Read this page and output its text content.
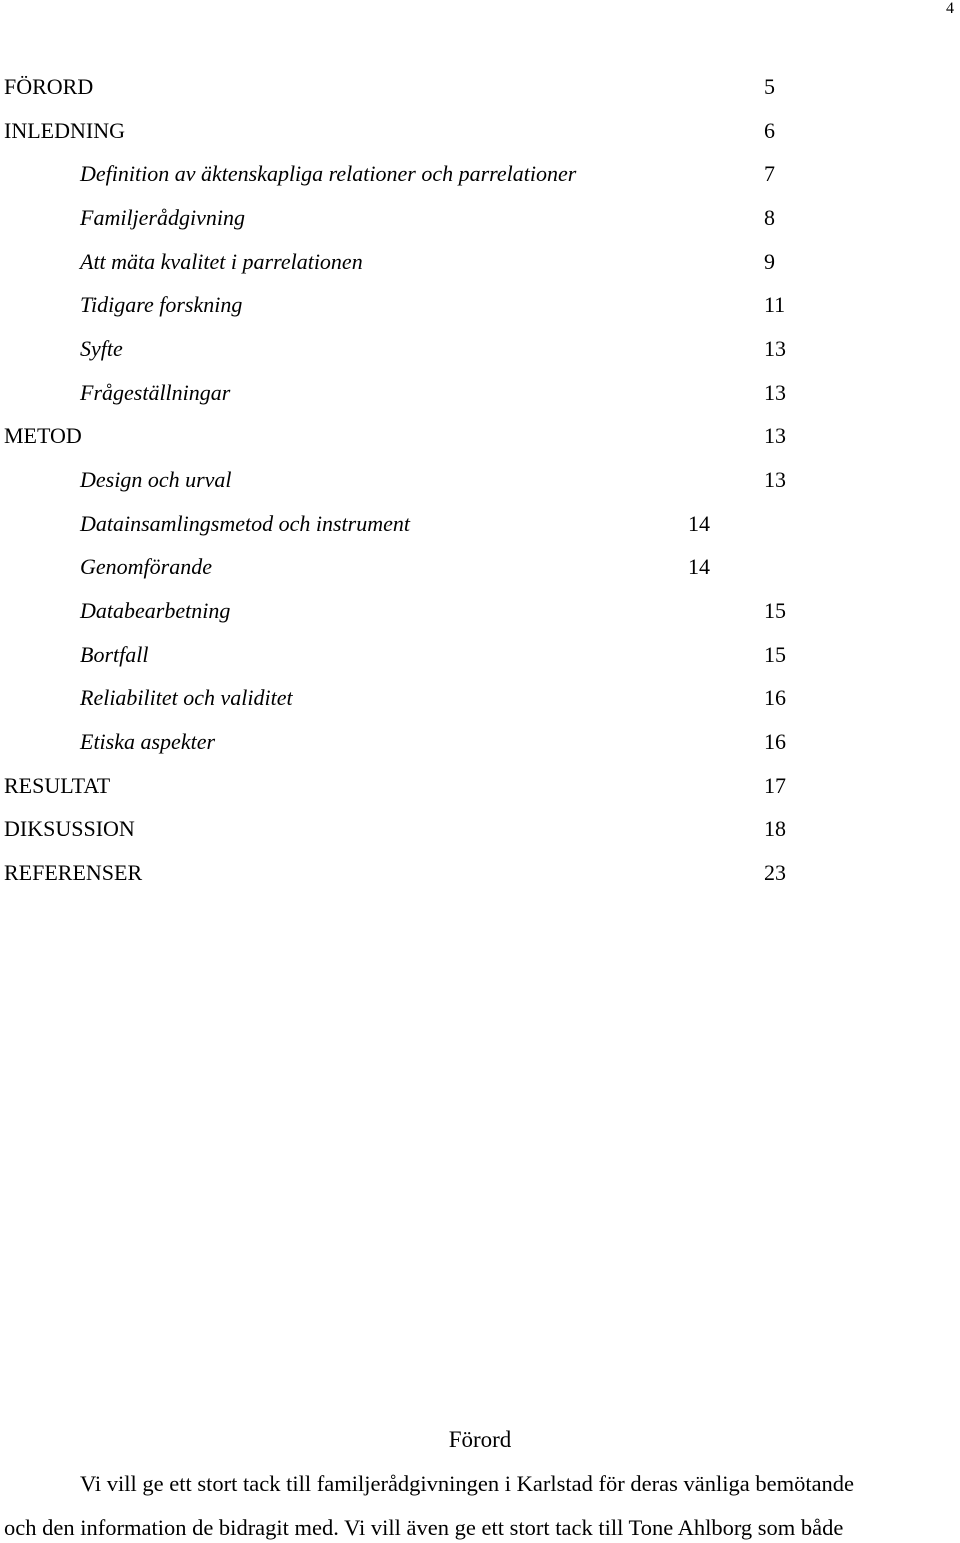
4
FÖRORD	5
INLEDNING	6
Definition av äktenskapliga relationer och parrelationer	7
Familjerådgivning	8
Att mäta kvalitet i parrelationen	9
Tidigare forskning	11
Syfte	13
Frågeställningar	13
METOD	13
Design och urval	13
Datainsamlingsmetod och instrument	14
Genomförande	14
Databearbetning	15
Bortfall	15
Reliabilitet och validitet	16
Etiska aspekter	16
RESULTAT	17
DIKSUSSION	18
REFERENSER	23
Förord
Vi vill ge ett stort tack till familjerådgivningen i Karlstad för deras vänliga bemötande
och den information de bidragit med. Vi vill även ge ett stort tack till Tone Ahlborg som både
